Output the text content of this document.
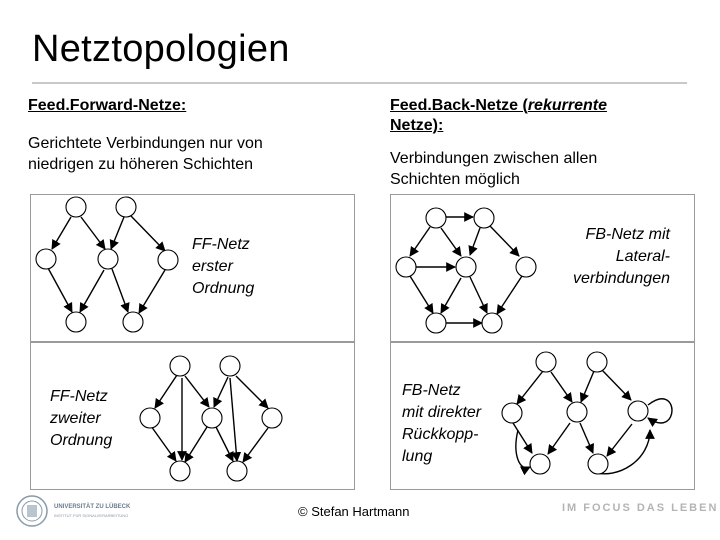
Netztopologien
Feed.Forward-Netze:
Gerichtete Verbindungen nur von
niedrigen zu höheren Schichten
Feed.Back-Netze (rekurrente
Netze):
Verbindungen zwischen allen
Schichten möglich
FF-Netz
erster
Ordnung
FF-Netz
zweiter
Ordnung
FB-Netz mit
Lateral-
verbindungen
FB-Netz
mit direkter
Rückkopp-
lung
UNIVERSITÄT ZU LÜBECK
INSTITUT FÜR SIGNALVERARBEITUNG	© Stefan Hartmann	IM FOCUS DAS LEBEN
